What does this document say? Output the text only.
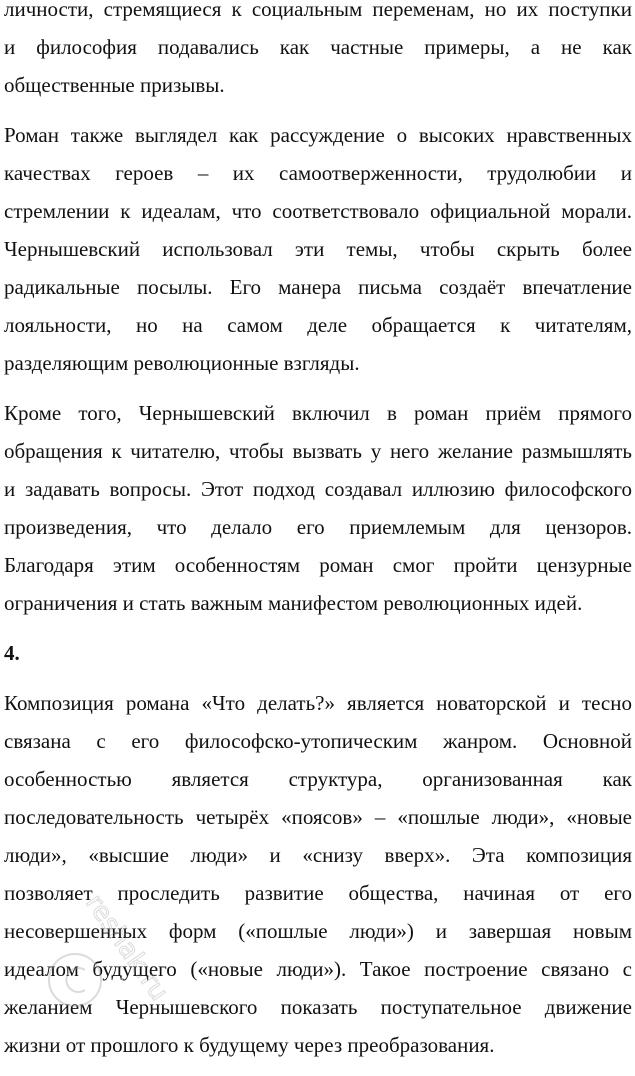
личности, стремящиеся к социальным переменам, но их поступки
и философия подавались как частные примеры, а не как
общественные призывы.
Роман также выглядел как рассуждение о высоких нравственных
качествах героев – их самоотверженности, трудолюбии и
стремлении к идеалам, что соответствовало официальной морали.
Чернышевский использовал эти темы, чтобы скрыть более
радикальные посылы. Его манера письма создаёт впечатление
лояльности, но на самом деле обращается к читателям,
разделяющим революционные взгляды.
Кроме того, Чернышевский включил в роман приём прямого
обращения к читателю, чтобы вызвать у него желание размышлять
и задавать вопросы. Этот подход создавал иллюзию философского
произведения, что делало его приемлемым для цензоров.
Благодаря этим особенностям роман смог пройти цензурные
ограничения и стать важным манифестом революционных идей.
4.
Композиция романа «Что делать?» является новаторской и тесно
связана с его философско-утопическим жанром. Основной
особенностью является структура, организованная как
последовательность четырёх «поясов» – «пошлые люди», «новые
люди», «высшие люди» и «снизу вверх». Эта композиция
позволяет проследить развитие общества, начиная от его
несовершенных форм («пошлые люди») и завершая новым
идеалом будущего («новые люди»). Такое построение связано с
желанием Чернышевского показать поступательное движение
жизни от прошлого к будущему через преобразования.
reshak.ru
